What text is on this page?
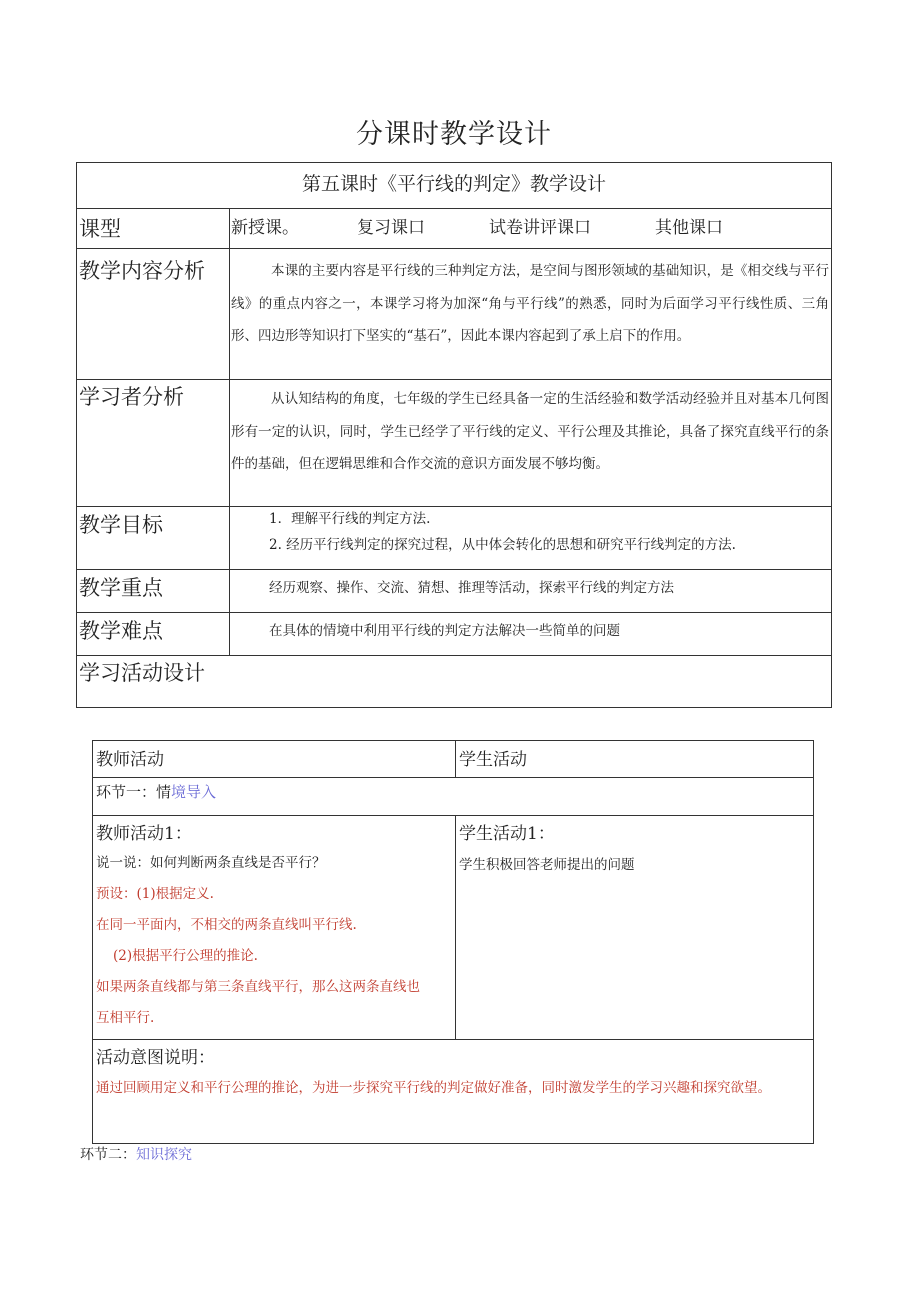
分课时教学设计
第五课时《平行线的判定》教学设计
课型	新授课。	复习课口	试卷讲评课口	其他课口
教学内容分析	本课的主要内容是平行线的三种判定方法，是空间与图形领域的基础知识，是《相交线与平行线》的重点内容之一，本课学习将为加深“角与平行线”的熟悉，同时为后面学习平行线性质、三角形、四边形等知识打下坚实的“基石”，因此本课内容起到了承上启下的作用。
学习者分析	从认知结构的角度，七年级的学生已经具备一定的生活经验和数学活动经验并且对基本几何图形有一定的认识，同时，学生已经学了平行线的定义、平行公理及其推论，具备了探究直线平行的条件的基础，但在逻辑思维和合作交流的意识方面发展不够均衡。
教学目标	1．理解平行线的判定方法.
2. 经历平行线判定的探究过程，从中体会转化的思想和研究平行线判定的方法.
教学重点	经历观察、操作、交流、猜想、推理等活动，探索平行线的判定方法
教学难点	在具体的情境中利用平行线的判定方法解决一些简单的问题
学习活动设计
教师活动	学生活动
环节一：情境导入
教师活动1：
说一说：如何判断两条直线是否平行？
预设：(1)根据定义.
在同一平面内，不相交的两条直线叫平行线.
(2)根据平行公理的推论.
如果两条直线都与第三条直线平行，那么这两条直线也
互相平行.
学生活动1：
学生积极回答老师提出的问题
活动意图说明：
通过回顾用定义和平行公理的推论，为进一步探究平行线的判定做好准备，同时激发学生的学习兴趣和探究欲望。
环节二：知识探究
